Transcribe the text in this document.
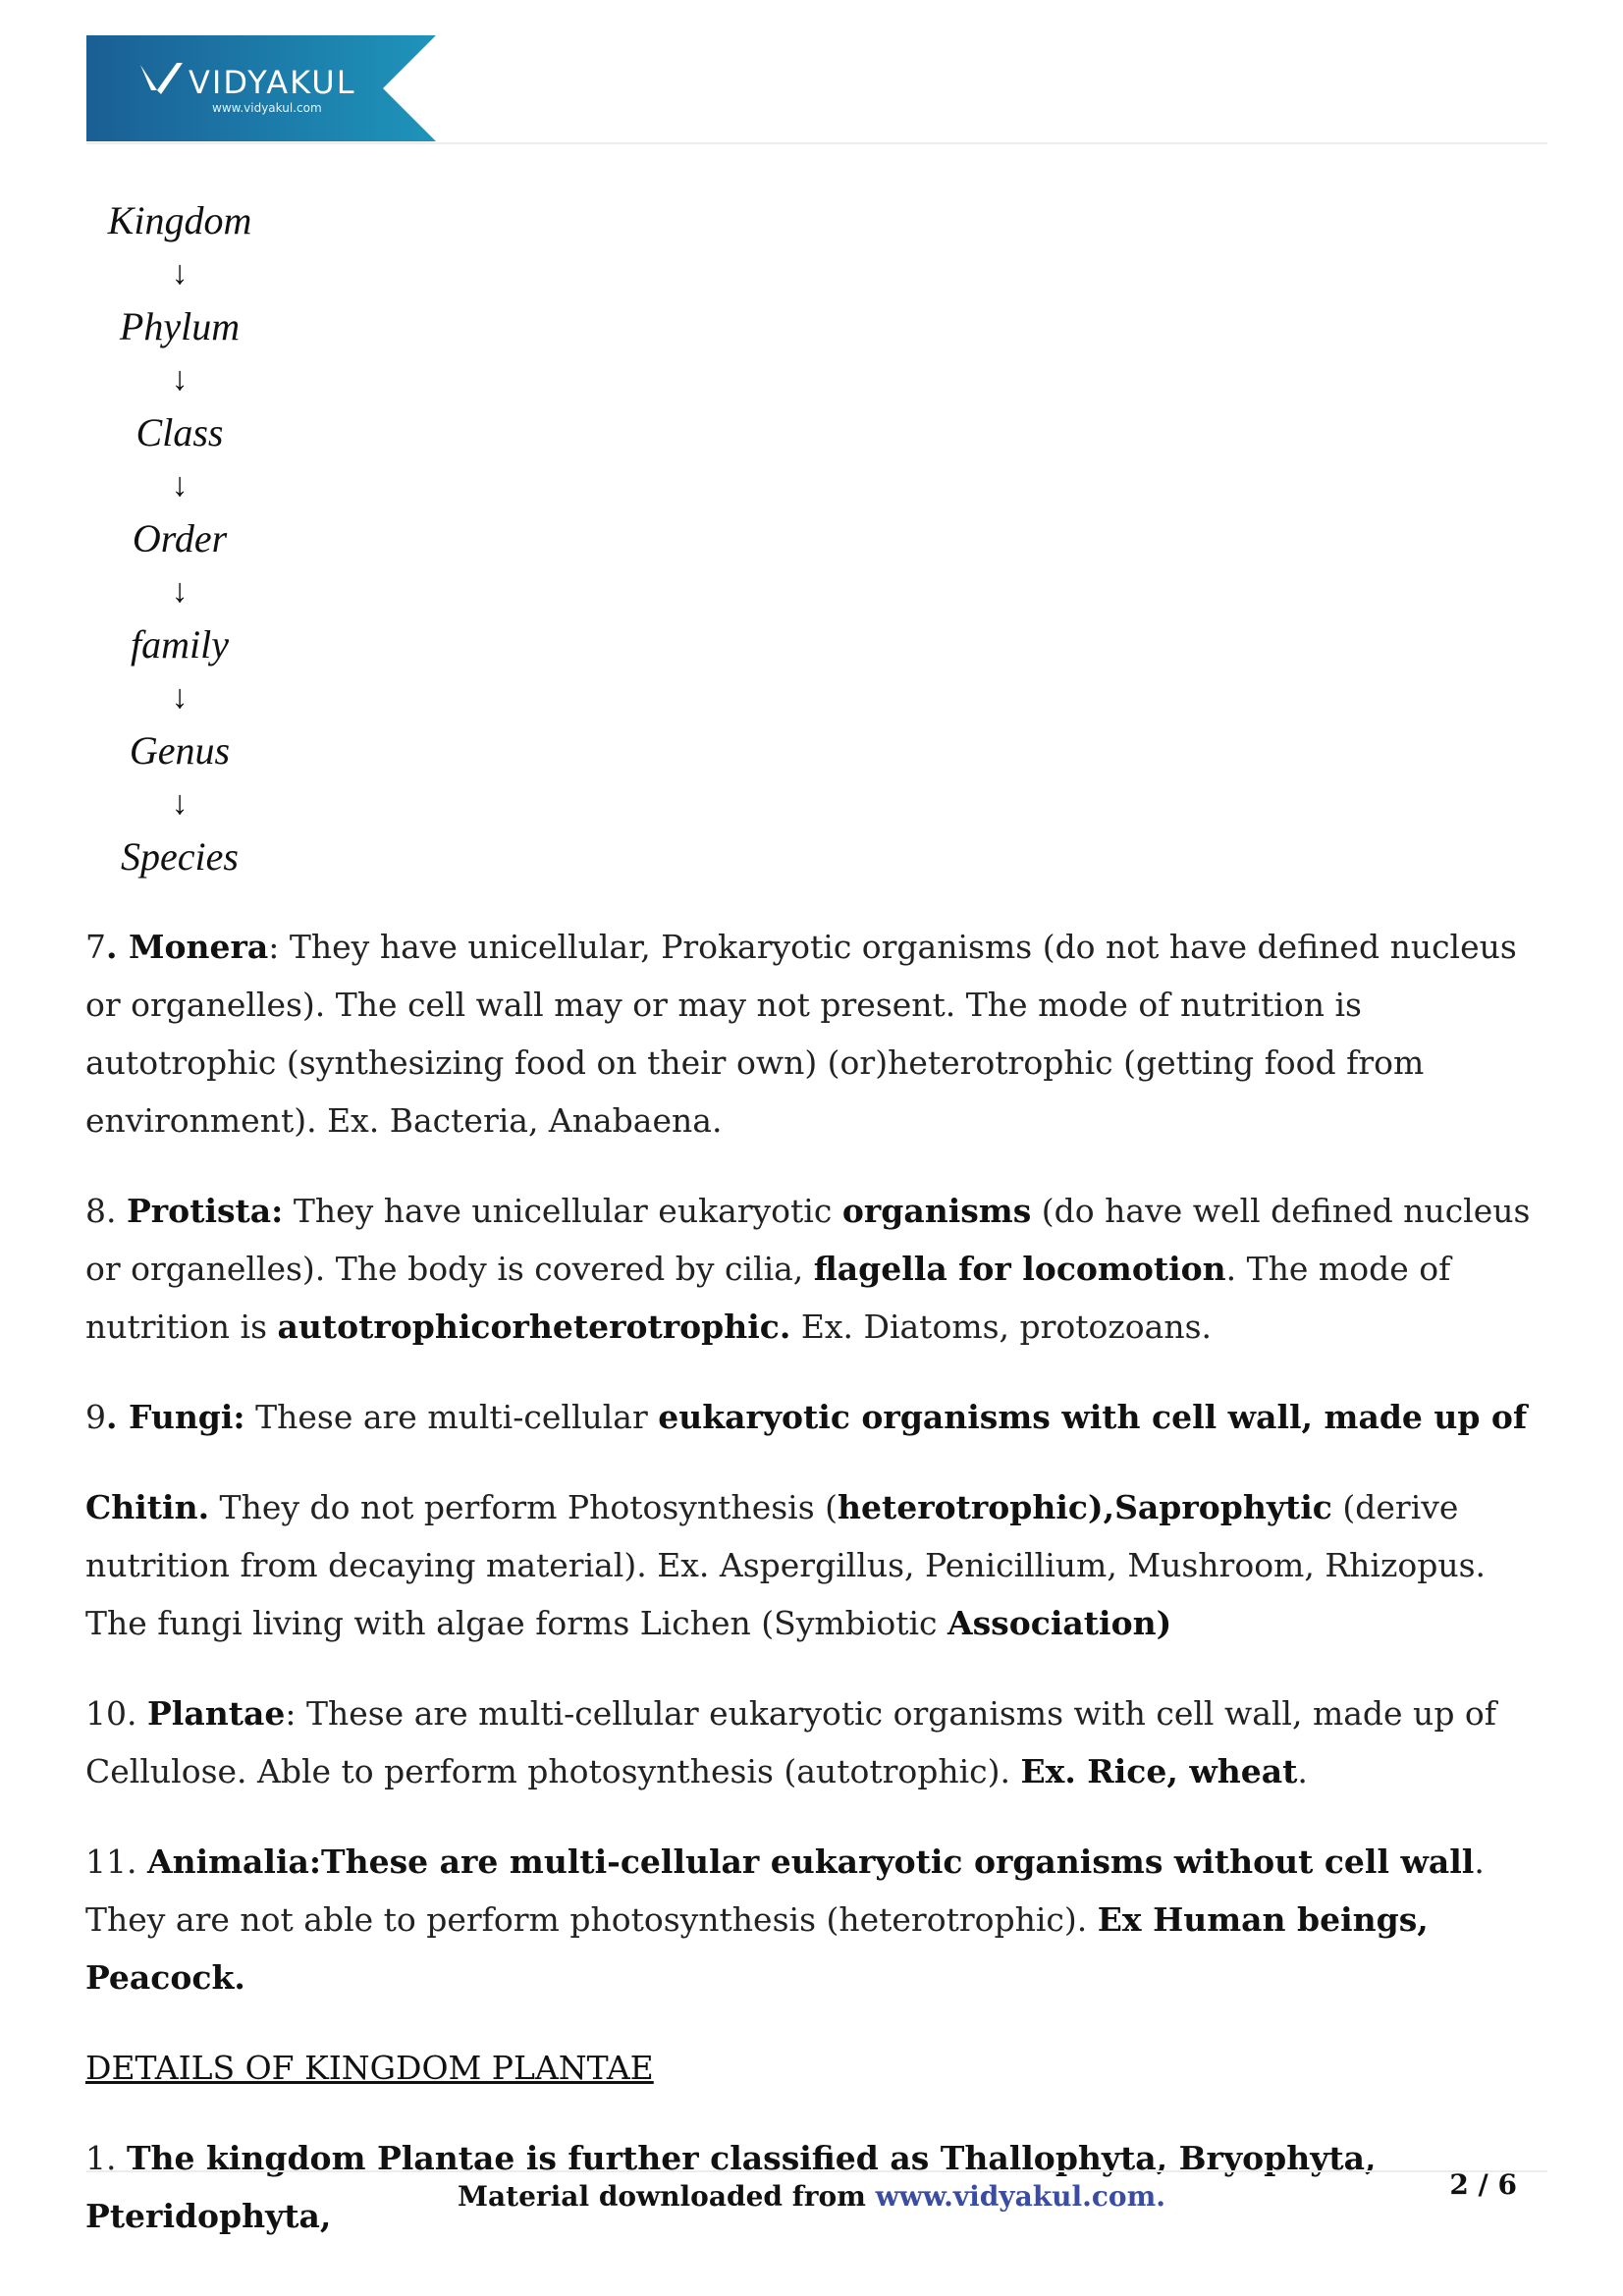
VIDYAKUL
www.vidyakul.com
Kingdom
↓
Phylum
↓
Class
↓
Order
↓
family
↓
Genus
↓
Species

7. Monera: They have unicellular, Prokaryotic organisms (do not have defined nucleus or organelles). The cell wall may or may not present. The mode of nutrition is autotrophic (synthesizing food on their own) (or)heterotrophic (getting food from environment). Ex. Bacteria, Anabaena.

8. Protista: They have unicellular eukaryotic organisms (do have well defined nucleus or organelles). The body is covered by cilia, flagella for locomotion. The mode of nutrition is autotrophicorheterotrophic. Ex. Diatoms, protozoans.

9. Fungi: These are multi-cellular eukaryotic organisms with cell wall, made up of

Chitin. They do not perform Photosynthesis (heterotrophic),Saprophytic (derive nutrition from decaying material). Ex. Aspergillus, Penicillium, Mushroom, Rhizopus. The fungi living with algae forms Lichen (Symbiotic Association)

10. Plantae: These are multi-cellular eukaryotic organisms with cell wall, made up of Cellulose. Able to perform photosynthesis (autotrophic). Ex. Rice, wheat.

11. Animalia:These are multi-cellular eukaryotic organisms without cell wall. They are not able to perform photosynthesis (heterotrophic). Ex Human beings, Peacock.

DETAILS OF KINGDOM PLANTAE

1. The kingdom Plantae is further classified as Thallophyta, Bryophyta, Pteridophyta,

Material downloaded from www.vidyakul.com.	2 / 6
